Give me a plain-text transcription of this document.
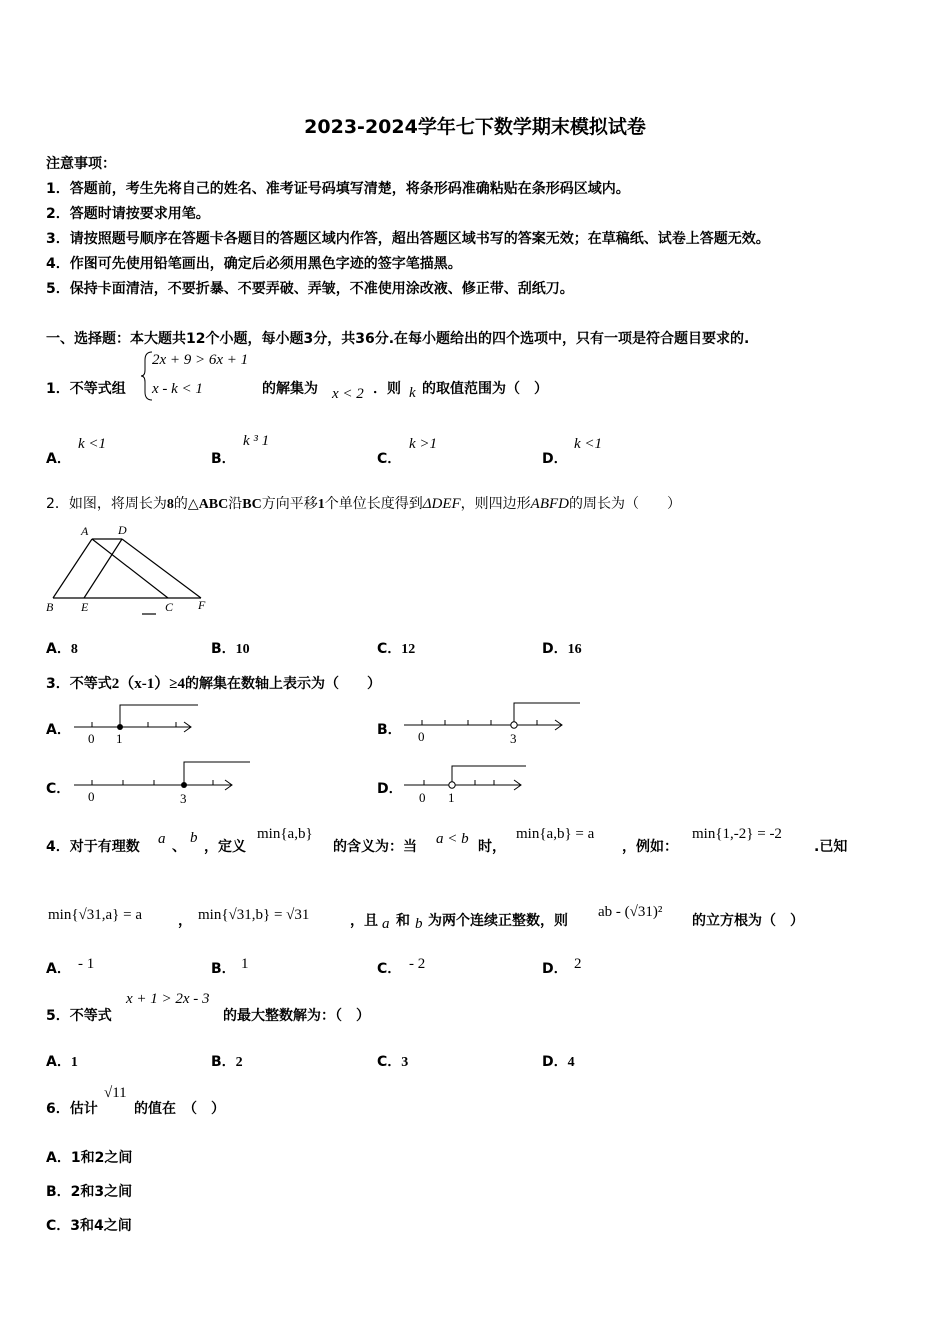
2023-2024学年七下数学期末模拟试卷
注意事项：
1．答题前，考生先将自己的姓名、准考证号码填写清楚，将条形码准确粘贴在条形码区域内。
2．答题时请按要求用笔。
3．请按照题号顺序在答题卡各题目的答题区域内作答，超出答题区域书写的答案无效；在草稿纸、试卷上答题无效。
4．作图可先使用铅笔画出，确定后必须用黑色字迹的签字笔描黑。
5．保持卡面清洁，不要折暴、不要弄破、弄皱，不准使用涂改液、修正带、刮纸刀。
一、选择题：本大题共12个小题，每小题3分，共36分.在每小题给出的四个选项中，只有一项是符合题目要求的.
1．不等式组
2x + 9 > 6x + 1
x - k < 1	的解集为 x < 2 ．则 k 的取值范围为（　）
A．
k <1
B．
k ³ 1
C．
k >1
D．
k <1
2．如图，将周长为8的△ABC沿BC方向平移1个单位长度得到ΔDEF，则四边形ABFD的周长为（　　）
A D
B E	C F
A．8	B．10	C．12	D．16
3．不等式2（x-1）≥4的解集在数轴上表示为（　　）
A．
0 1
B． 0	3
C． 0	3
D．
0 1
4．对于有理数 a 、
b
，定义
min{a,b}
的含义为：当 a < b 时，
min{a,b} = a
，例如：
min{1,-2} = -2
.已知
min{√31,a} = a	， min{√31,b} = √31	，且 a 和 b 为两个连续正整数，则
ab - (√31)²
的立方根为（　）
A． - 1	B． 1	C． - 2	D． 2
5．不等式
x + 1 > 2x - 3
的最大整数解为：（　）
A．1	B．2	C．3	D．4
6．估计
√11
的值在　（　）
A．1和2之间
B．2和3之间
C．3和4之间
